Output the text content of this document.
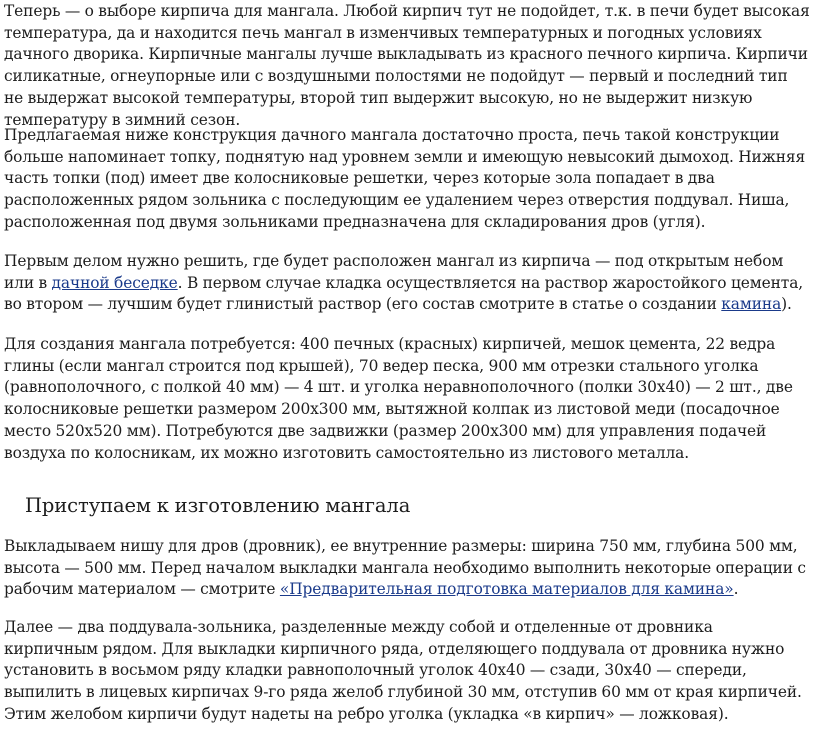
Теперь — о выборе кирпича для мангала. Любой кирпич тут не подойдет, т.к. в печи будет высокая температура, да и находится печь мангал в изменчивых температурных и погодных условиях дачного дворика. Кирпичные мангалы лучше выкладывать из красного печного кирпича. Кирпичи силикатные, огнеупорные или с воздушными полостями не подойдут — первый и последний тип не выдержат высокой температуры, второй тип выдержит высокую, но не выдержит низкую температуру в зимний сезон.

Предлагаемая ниже конструкция дачного мангала достаточно проста, печь такой конструкции больше напоминает топку, поднятую над уровнем земли и имеющую невысокий дымоход. Нижняя часть топки (под) имеет две колосниковые решетки, через которые зола попадает в два расположенных рядом зольника с последующим ее удалением через отверстия поддувал. Ниша, расположенная под двумя зольниками предназначена для складирования дров (угля).

Первым делом нужно решить, где будет расположен мангал из кирпича — под открытым небом или в дачной беседке. В первом случае кладка осуществляется на раствор жаростойкого цемента, во втором — лучшим будет глинистый раствор (его состав смотрите в статье о создании камина).

Для создания мангала потребуется: 400 печных (красных) кирпичей, мешок цемента, 22 ведра глины (если мангал строится под крышей), 70 ведер песка, 900 мм отрезки стального уголка (равнополочного, с полкой 40 мм) — 4 шт. и уголка неравнополочного (полки 30х40) — 2 шт., две колосниковые решетки размером 200х300 мм, вытяжной колпак из листовой меди (посадочное место 520х520 мм). Потребуются две задвижки (размер 200х300 мм) для управления подачей воздуха по колосникам, их можно изготовить самостоятельно из листового металла.

Приступаем к изготовлению мангала

Выкладываем нишу для дров (дровник), ее внутренние размеры: ширина 750 мм, глубина 500 мм, высота — 500 мм. Перед началом выкладки мангала необходимо выполнить некоторые операции с рабочим материалом — смотрите «Предварительная подготовка материалов для камина».

Далее — два поддувала-зольника, разделенные между собой и отделенные от дровника кирпичным рядом. Для выкладки кирпичного ряда, отделяющего поддувала от дровника нужно установить в восьмом ряду кладки равнополочный уголок 40х40 — сзади, 30х40 — спереди, выпилить в лицевых кирпичах 9-го ряда желоб глубиной 30 мм, отступив 60 мм от края кирпичей. Этим желобом кирпичи будут надеты на ребро уголка (укладка «в кирпич» — ложковая).
